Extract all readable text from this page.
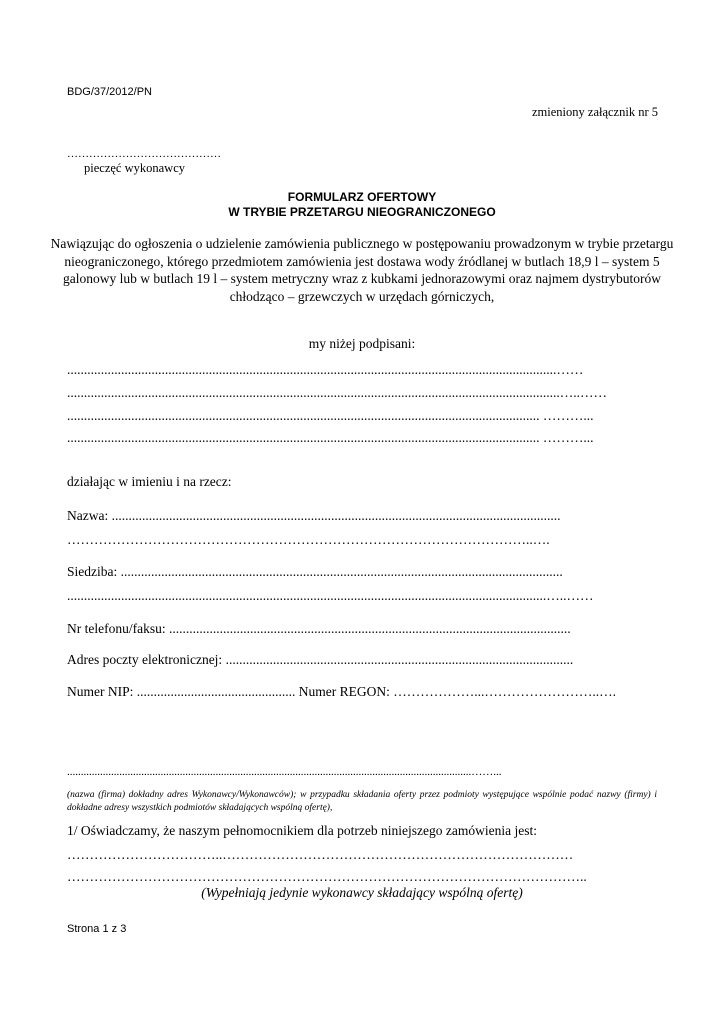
BDG/37/2012/PN
zmieniony załącznik nr 5
……………………………………
pieczęć wykonawcy
FORMULARZ OFERTOWY
W TRYBIE PRZETARGU NIEOGRANICZONEGO
Nawiązując do ogłoszenia o udzielenie zamówienia publicznego w postępowaniu prowadzonym w trybie przetargu nieograniczonego, którego przedmiotem zamówienia jest dostawa wody źródlanej w butlach 18,9 l – system 5 galonowy lub w butlach 19 l – system metryczny wraz z kubkami jednorazowymi oraz najmem dystrybutorów chłodząco – grzewczych w urzędach górniczych,
my niżej podpisani:
.................................................................................................................................................……
..................................................................................................................................................…..……
............................................................................................................................................ ………...
............................................................................................................................................ ………...
działając w imieniu i na rzecz:
Nazwa: .....................................................................................................................................
…………………………………………………………………………………………..….
Siedziba: ...................................................................................................................................
..............................................................................................................................................…..……
Nr telefonu/faksu: .......................................................................................................................
Adres poczty elektronicznej: .......................................................................................................
Numer NIP: ............................................... Numer REGON: ………………...……………………..….
...................................................................................................................................................……...
(nazwa (firma) dokładny adres Wykonawcy/Wykonawców); w przypadku składania oferty przez podmioty występujące wspólnie podać nazwy (firmy) i dokładne adresy wszystkich podmiotów składających wspólną ofertę),
1/ Oświadczamy, że naszym pełnomocnikiem dla potrzeb niniejszego zamówienia jest:
……………………………..……………………………………………………………………
……………………………………………………………………………………………………..
(Wypełniają jedynie wykonawcy składający wspólną ofertę)
Strona 1 z 3
